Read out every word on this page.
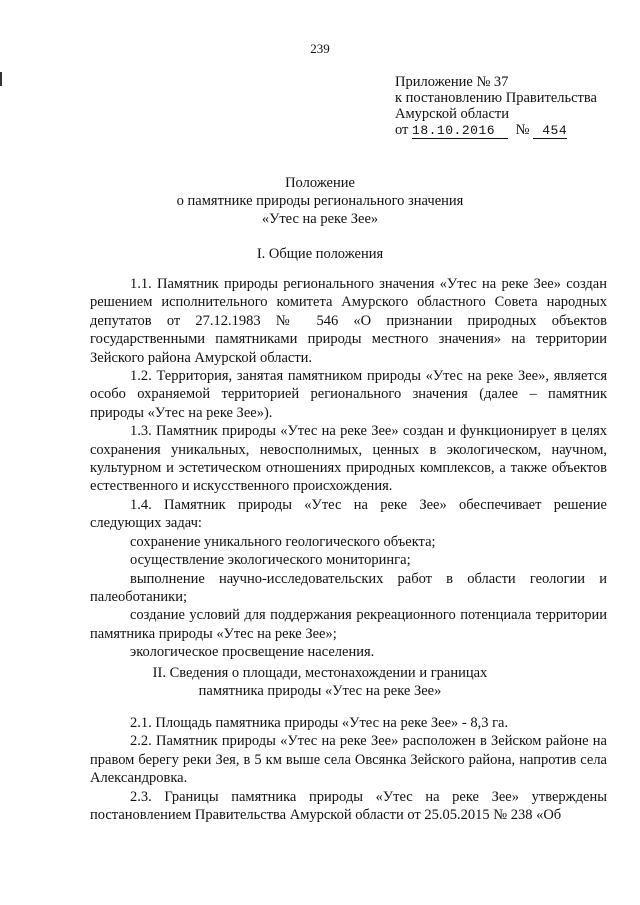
239
Приложение № 37
к постановлению Правительства
Амурской области
от 18.10.2016 № 454
Положение
о памятнике природы регионального значения
«Утес на реке Зее»
I. Общие положения

1.1. Памятник природы регионального значения «Утес на реке Зее» создан решением исполнительного комитета Амурского областного Совета народных депутатов от 27.12.1983 № 546 «О признании природных объектов государственными памятниками природы местного значения» на территории Зейского района Амурской области.

1.2. Территория, занятая памятником природы «Утес на реке Зее», является особо охраняемой территорией регионального значения (далее – памятник природы «Утес на реке Зее»).

1.3. Памятник природы «Утес на реке Зее» создан и функционирует в целях сохранения уникальных, невосполнимых, ценных в экологическом, научном, культурном и эстетическом отношениях природных комплексов, а также объектов естественного и искусственного происхождения.

1.4. Памятник природы «Утес на реке Зее» обеспечивает решение следующих задач:

сохранение уникального геологического объекта;

осуществление экологического мониторинга;

выполнение научно-исследовательских работ в области геологии и палеоботаники;

создание условий для поддержания рекреационного потенциала территории памятника природы «Утес на реке Зее»;

экологическое просвещение населения.

II. Сведения о площади, местонахождении и границах
памятника природы «Утес на реке Зее»

2.1. Площадь памятника природы «Утес на реке Зее» - 8,3 га.

2.2. Памятник природы «Утес на реке Зее» расположен в Зейском районе на правом берегу реки Зея, в 5 км выше села Овсянка Зейского района, напротив села Александровка.

2.3. Границы памятника природы «Утес на реке Зее» утверждены постановлением Правительства Амурской области от 25.05.2015 № 238 «Об
